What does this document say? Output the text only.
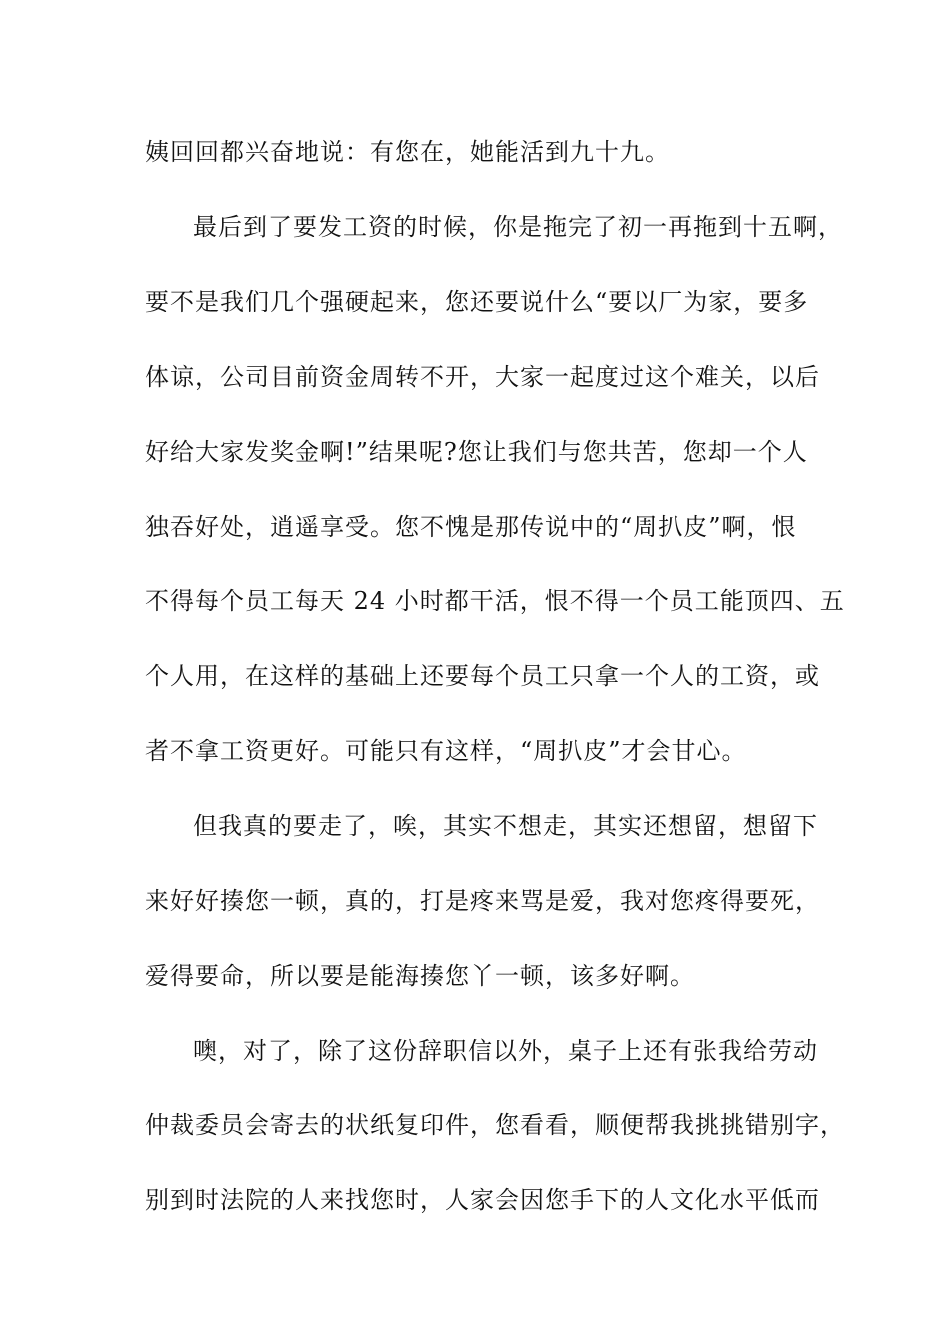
姨回回都兴奋地说：有您在，她能活到九十九。
最后到了要发工资的时候，你是拖完了初一再拖到十五啊，
要不是我们几个强硬起来，您还要说什么“要以厂为家，要多
体谅，公司目前资金周转不开，大家一起度过这个难关，以后
好给大家发奖金啊!”结果呢?您让我们与您共苦，您却一个人
独吞好处，逍遥享受。您不愧是那传说中的“周扒皮”啊，恨
不得每个员工每天 24 小时都干活，恨不得一个员工能顶四、五
个人用，在这样的基础上还要每个员工只拿一个人的工资，或
者不拿工资更好。可能只有这样，“周扒皮”才会甘心。
但我真的要走了，唉，其实不想走，其实还想留，想留下
来好好揍您一顿，真的，打是疼来骂是爱，我对您疼得要死，
爱得要命，所以要是能海揍您丫一顿，该多好啊。
噢，对了，除了这份辞职信以外，桌子上还有张我给劳动
仲裁委员会寄去的状纸复印件，您看看，顺便帮我挑挑错别字，
别到时法院的人来找您时，人家会因您手下的人文化水平低而
